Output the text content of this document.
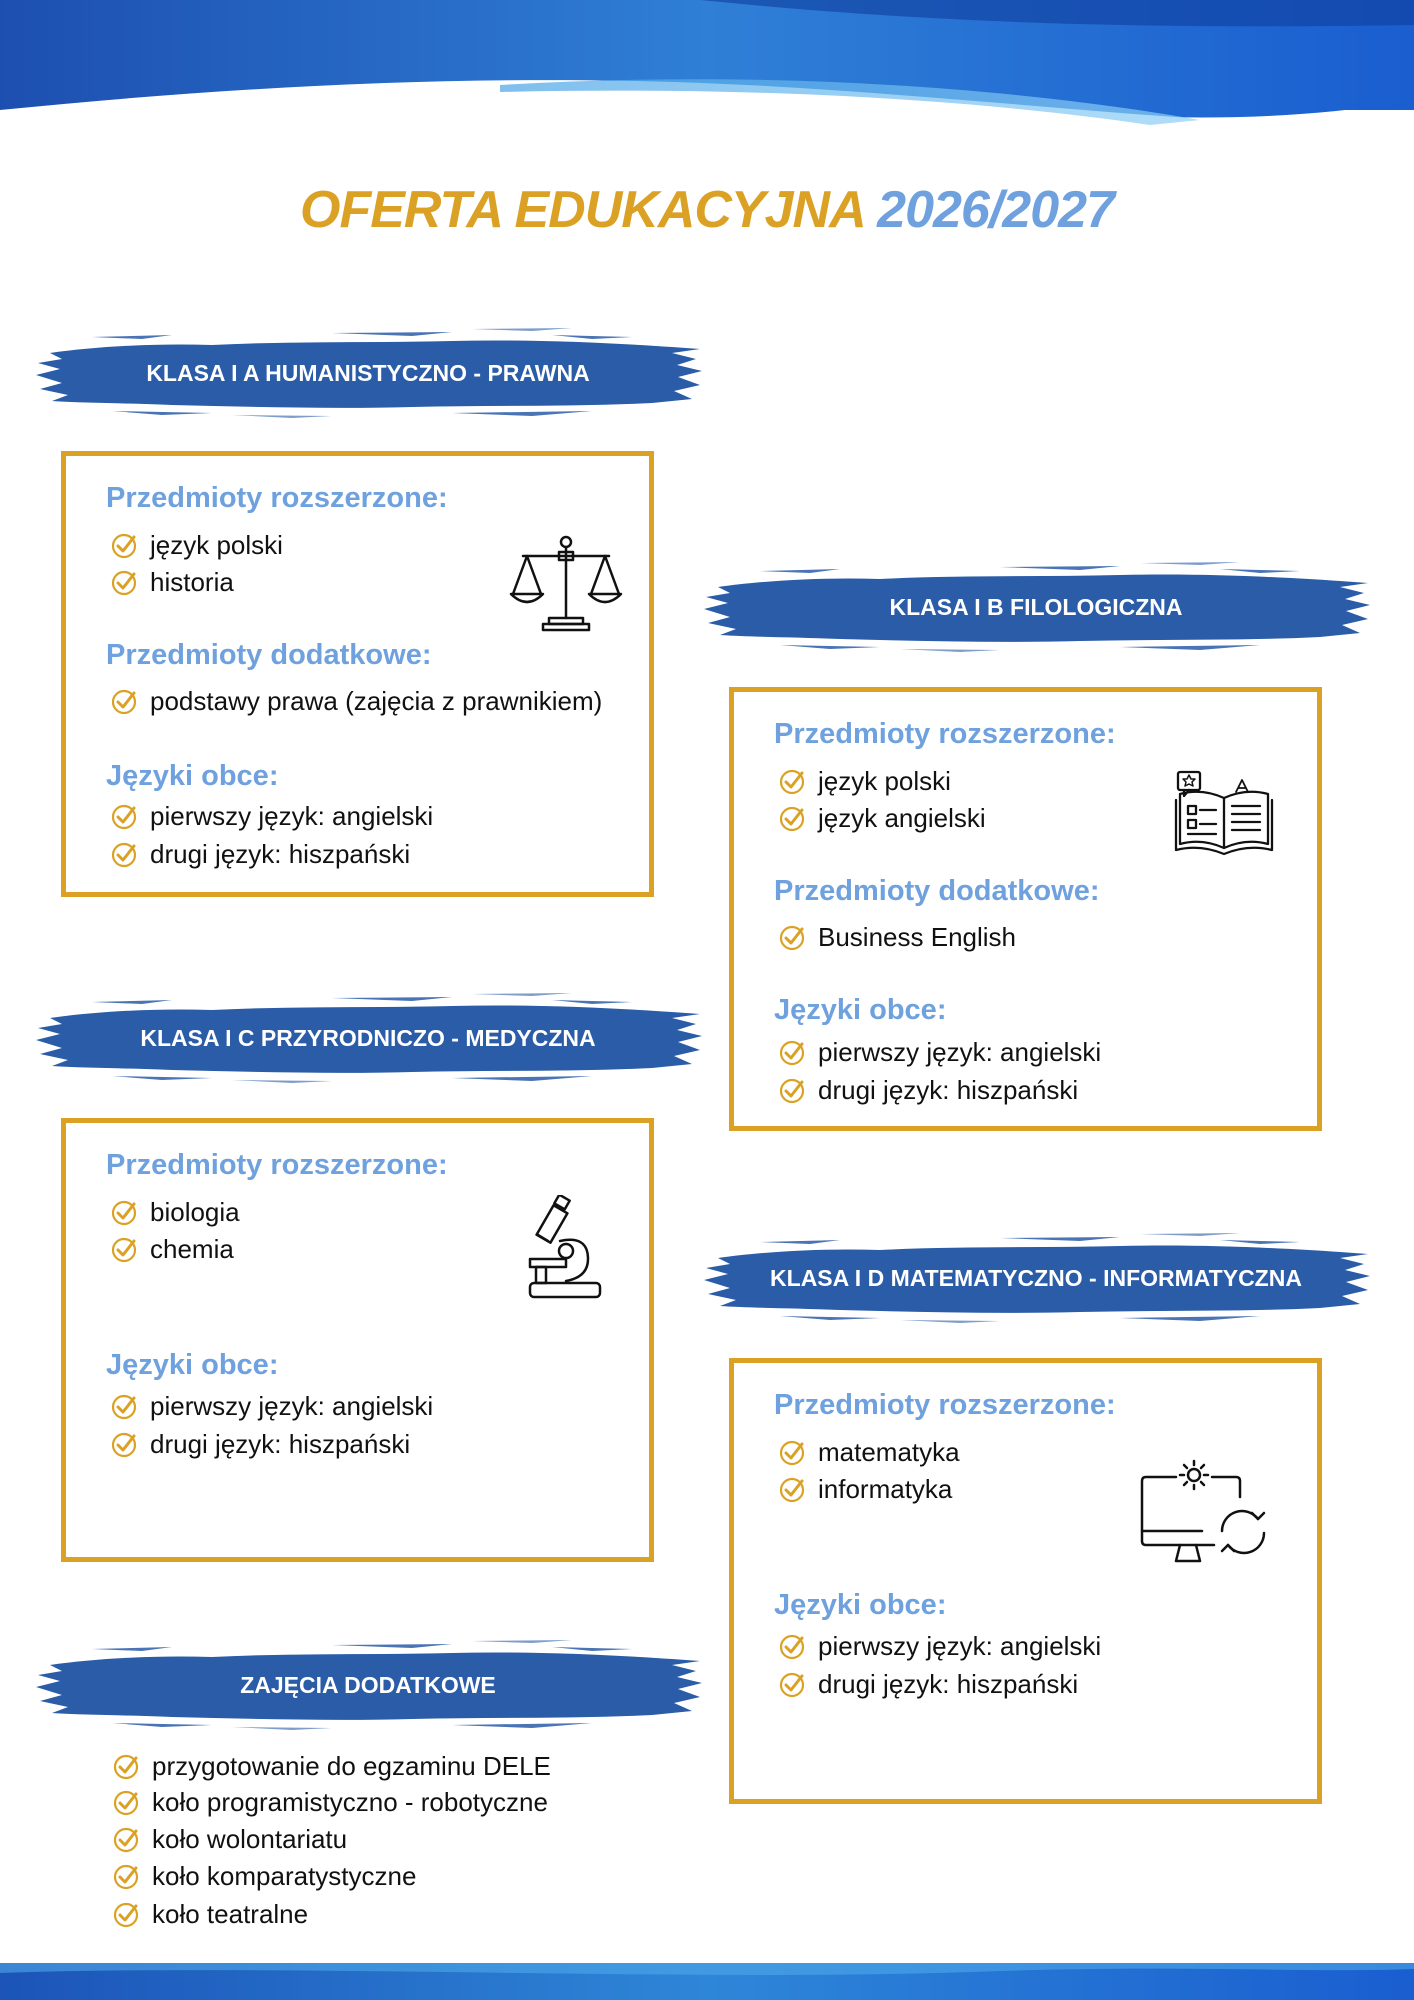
OFERTA EDUKACYJNA 2026/2027
KLASA I A HUMANISTYCZNO - PRAWNA
Przedmioty rozszerzone:
język polski
historia
Przedmioty dodatkowe:
podstawy prawa (zajęcia z prawnikiem)
Języki obce:
pierwszy język: angielski
drugi język: hiszpański
KLASA I B FILOLOGICZNA
Przedmioty rozszerzone:
język polski
język angielski
Przedmioty dodatkowe:
Business English
Języki obce:
pierwszy język: angielski
drugi język: hiszpański
KLASA I C PRZYRODNICZO - MEDYCZNA
Przedmioty rozszerzone:
biologia
chemia
Języki obce:
pierwszy język: angielski
drugi język: hiszpański
KLASA I D MATEMATYCZNO - INFORMATYCZNA
Przedmioty rozszerzone:
matematyka
informatyka
Języki obce:
pierwszy język: angielski
drugi język: hiszpański
ZAJĘCIA DODATKOWE
przygotowanie do egzaminu DELE
koło programistyczno - robotyczne
koło wolontariatu
koło komparatystyczne
koło teatralne
